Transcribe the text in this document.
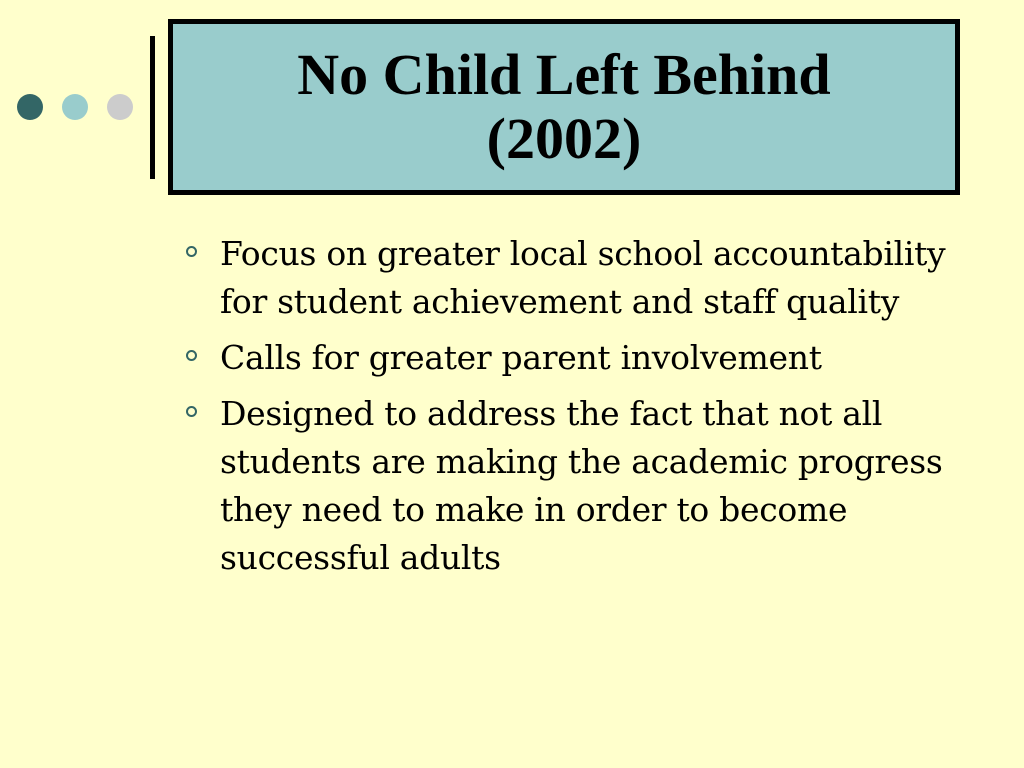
No Child Left Behind
(2002)
Focus on greater local school accountability for student achievement and staff quality
Calls for greater parent involvement
Designed to address the fact that not all students are making the academic progress they need to make in order to become successful adults
